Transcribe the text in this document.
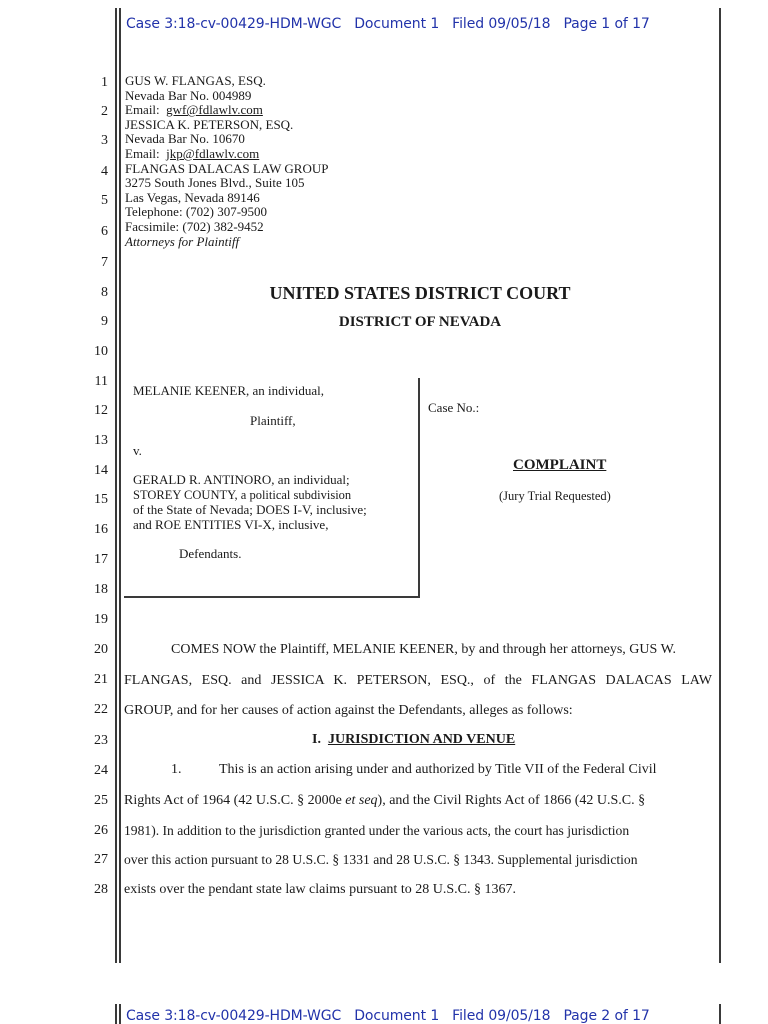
Case 3:18-cv-00429-HDM-WGC   Document 1   Filed 09/05/18   Page 1 of 17
1
2
3
4
5
6
7
8
9
10
11
12
13
14
15
16
17
18
19
20
21
22
23
24
25
26
27
28
GUS W. FLANGAS, ESQ.
Nevada Bar No. 004989
Email: gwf@fdlawlv.com
JESSICA K. PETERSON, ESQ.
Nevada Bar No. 10670
Email: jkp@fdlawlv.com
FLANGAS DALACAS LAW GROUP
3275 South Jones Blvd., Suite 105
Las Vegas, Nevada 89146
Telephone: (702) 307-9500
Facsimile: (702) 382-9452
Attorneys for Plaintiff
UNITED STATES DISTRICT COURT
DISTRICT OF NEVADA
MELANIE KEENER, an individual,
Plaintiff,
v.
GERALD R. ANTINORO, an individual;
STOREY COUNTY, a political subdivision
of the State of Nevada; DOES I-V, inclusive;
and ROE ENTITIES VI-X, inclusive,
Defendants.
Case No.:
COMPLAINT
(Jury Trial Requested)
COMES NOW the Plaintiff, MELANIE KEENER, by and through her attorneys, GUS W.
FLANGAS, ESQ. and JESSICA K. PETERSON, ESQ., of the FLANGAS DALACAS LAW
GROUP, and for her causes of action against the Defendants, alleges as follows:
I. JURISDICTION AND VENUE
1.	This is an action arising under and authorized by Title VII of the Federal Civil
Rights Act of 1964 (42 U.S.C. § 2000e et seq), and the Civil Rights Act of 1866 (42 U.S.C. §
1981). In addition to the jurisdiction granted under the various acts, the court has jurisdiction
over this action pursuant to 28 U.S.C. § 1331 and 28 U.S.C. § 1343. Supplemental jurisdiction
exists over the pendant state law claims pursuant to 28 U.S.C. § 1367.
Case 3:18-cv-00429-HDM-WGC   Document 1   Filed 09/05/18   Page 2 of 17
